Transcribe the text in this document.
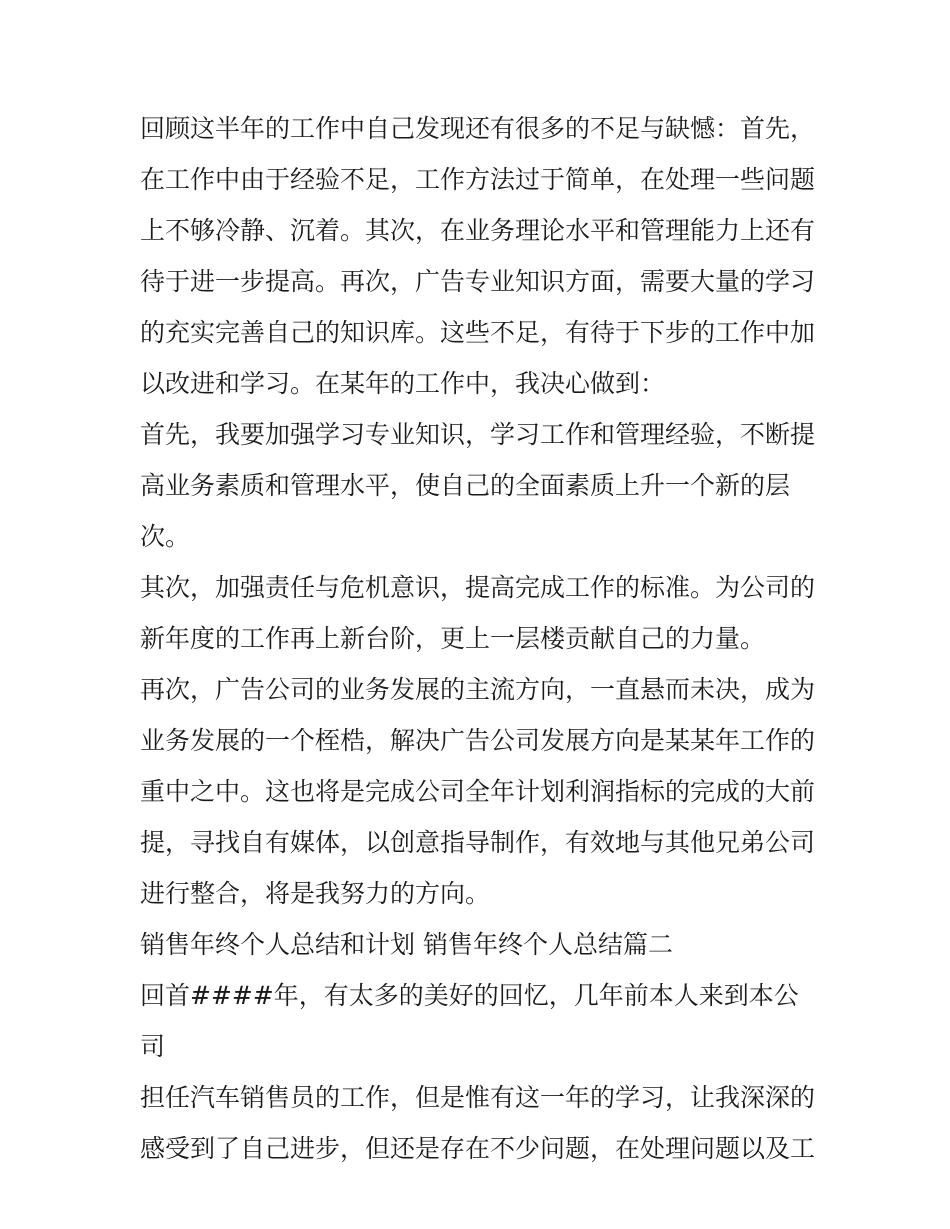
回顾这半年的工作中自己发现还有很多的不足与缺憾：首先，
在工作中由于经验不足，工作方法过于简单，在处理一些问题
上不够冷静、沉着。其次，在业务理论水平和管理能力上还有
待于进一步提高。再次，广告专业知识方面，需要大量的学习
的充实完善自己的知识库。这些不足，有待于下步的工作中加
以改进和学习。在某年的工作中，我决心做到：

首先，我要加强学习专业知识，学习工作和管理经验，不断提
高业务素质和管理水平，使自己的全面素质上升一个新的层
次。

其次，加强责任与危机意识，提高完成工作的标准。为公司的
新年度的工作再上新台阶，更上一层楼贡献自己的力量。

再次，广告公司的业务发展的主流方向，一直悬而未决，成为
业务发展的一个桎梏，解决广告公司发展方向是某某年工作的
重中之中。这也将是完成公司全年计划利润指标的完成的大前
提，寻找自有媒体，以创意指导制作，有效地与其他兄弟公司
进行整合，将是我努力的方向。

销售年终个人总结和计划 销售年终个人总结篇二

回首####年，有太多的美好的回忆，几年前本人来到本公司
担任汽车销售员的工作，但是惟有这一年的学习，让我深深的
感受到了自己进步，但还是存在不少问题，在处理问题以及工
